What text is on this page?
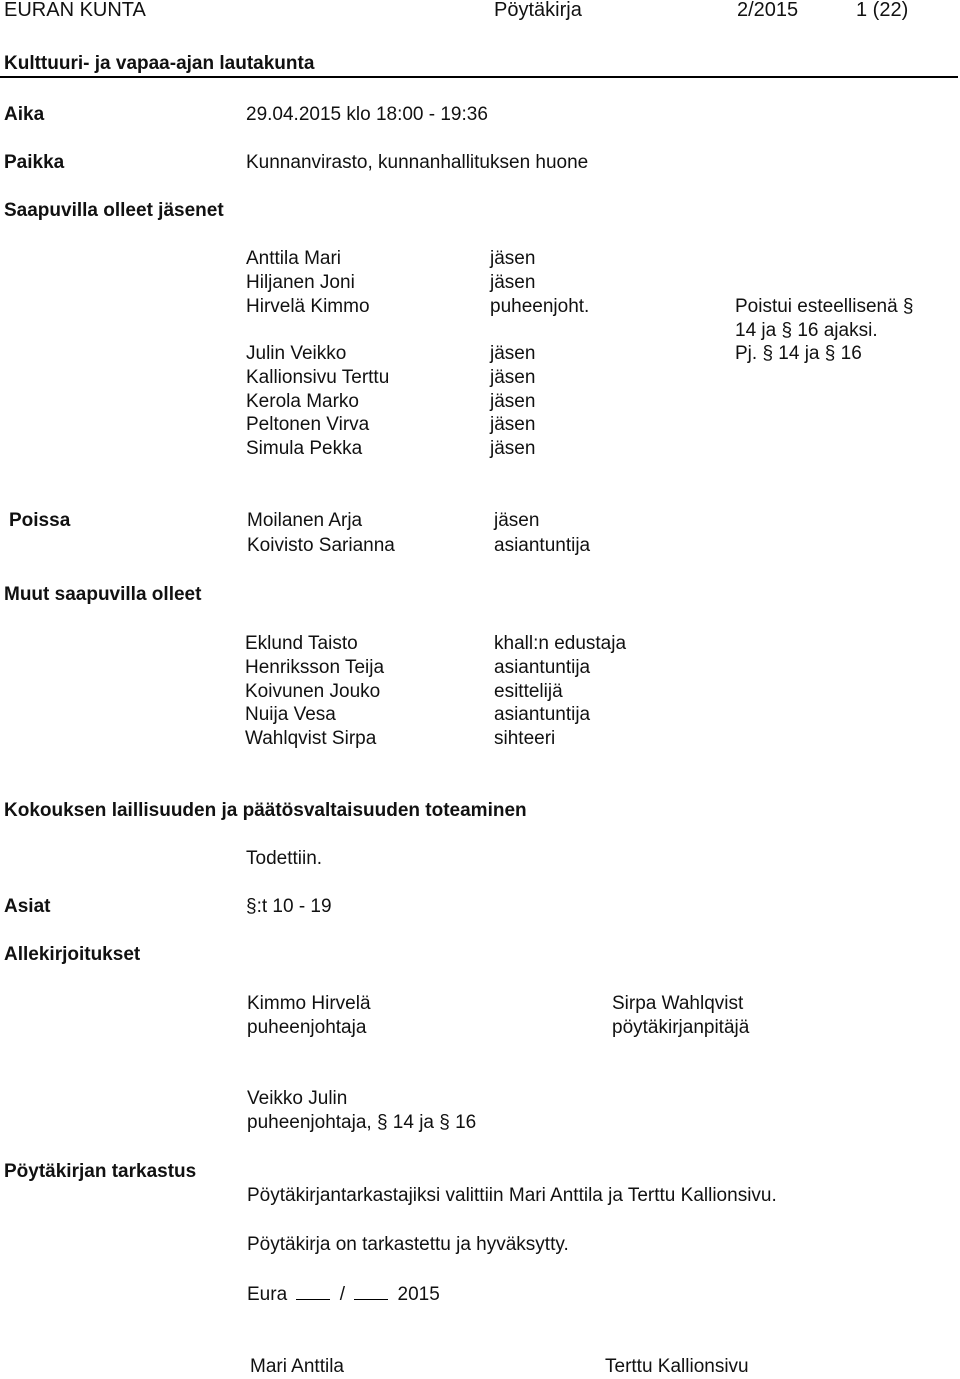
EURAN KUNTA	Pöytäkirja	2/2015	1 (22)
Kulttuuri- ja vapaa-ajan lautakunta
Aika	29.04.2015 klo 18:00 - 19:36
Paikka	Kunnanvirasto, kunnanhallituksen huone
Saapuvilla olleet jäsenet
Anttila Mari	jäsen
Hiljanen Joni	jäsen
Hirvelä Kimmo	puheenjoht.	Poistui esteellisenä §
14 ja § 16 ajaksi.
Julin Veikko	jäsen	Pj. § 14 ja § 16
Kallionsivu Terttu	jäsen
Kerola Marko	jäsen
Peltonen Virva	jäsen
Simula Pekka	jäsen
Poissa	Moilanen Arja	jäsen
Koivisto Sarianna	asiantuntija
Muut saapuvilla olleet
Eklund Taisto	khall:n edustaja
Henriksson Teija	asiantuntija
Koivunen Jouko	esittelijä
Nuija Vesa	asiantuntija
Wahlqvist Sirpa	sihteeri
Kokouksen laillisuuden ja päätösvaltaisuuden toteaminen
Todettiin.
Asiat	§:t 10 - 19
Allekirjoitukset
Kimmo Hirvelä
puheenjohtaja
Sirpa Wahlqvist
pöytäkirjanpitäjä
Veikko Julin
puheenjohtaja, § 14 ja § 16
Pöytäkirjan tarkastus
Pöytäkirjantarkastajiksi valittiin Mari Anttila ja Terttu Kallionsivu.
Pöytäkirja on tarkastettu ja hyväksytty.
Eura	/	2015
Mari Anttila	Terttu Kallionsivu
